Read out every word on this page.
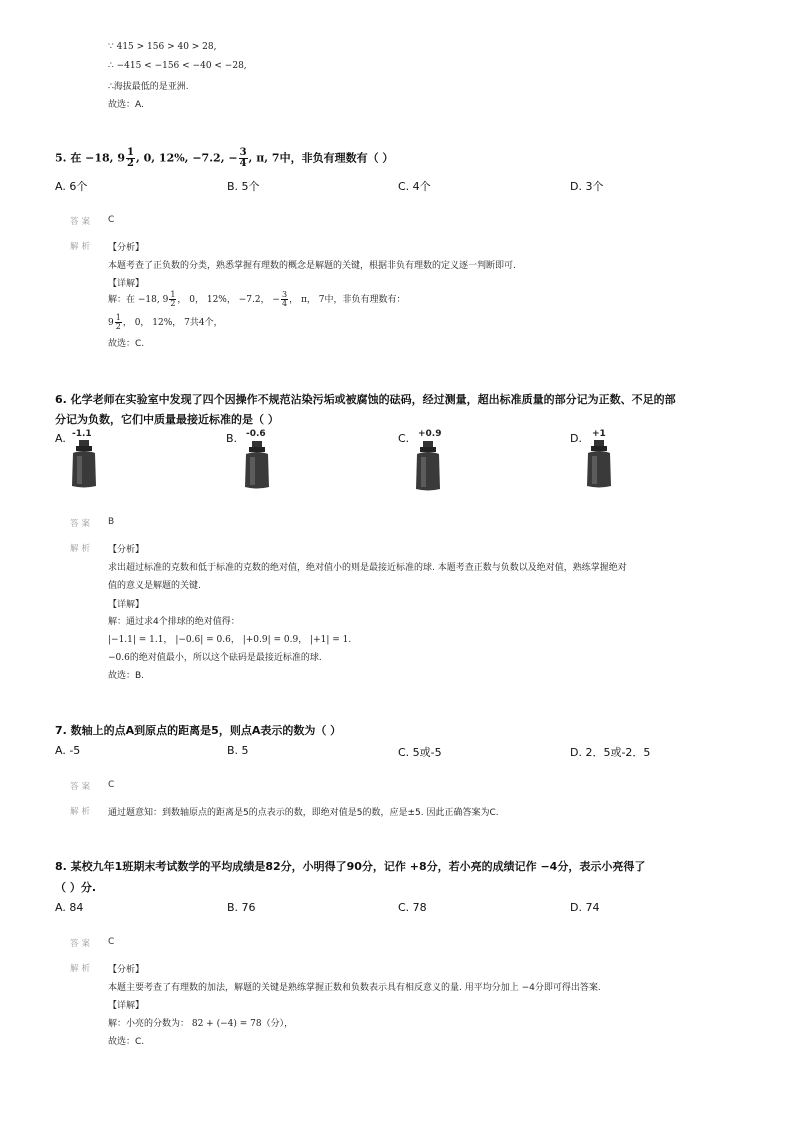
∵ 415 > 156 > 40 > 28,
∴ −415 < −156 < −40 < −28,
∴海拔最低的是亚洲.
故选：A.
5. 在 −18, $9 \frac{1}{2}$ , 0, 12%, −7.2, − $\frac{3}{4}$ , π, 7中，非负有理数有（ ）
A. 6个	B. 5个	C. 4个	D. 3个
答案 C
解析 【分析】
本题考查了正负数的分类，熟悉掌握有理数的概念是解题的关键，根据非负有理数的定义逐一判断即可.
【详解】
解：在 −18, $9 \frac{1}{2}$ ， 0， 12%， −7.2， − $\frac{3}{4}$ ， π， 7中，非负有理数有：
$9 \frac{1}{2}$ ， 0， 12%， 7共4个，
故选：C.
6. 化学老师在实验室中发现了四个因操作不规范沾染污垢或被腐蚀的砝码，经过测量，超出标准质量的部分记为正数、不足的部
分记为负数，它们中质量最接近标准的是（ ）
A. -1.1	B. -0.6	C. +0.9	D. +1
答案 B
解析 【分析】
求出超过标准的克数和低于标准的克数的绝对值，绝对值小的则是最接近标准的球. 本题考查正数与负数以及绝对值，熟练掌握绝对
值的意义是解题的关键.
【详解】
解：通过求4个排球的绝对值得：
|−1.1| = 1.1， |−0.6| = 0.6， |+0.9| = 0.9， |+1| = 1.
−0.6的绝对值最小，所以这个砝码是最接近标准的球.
故选：B.
7. 数轴上的点A到原点的距离是5，则点A表示的数为（ ）
A. -5	B. 5	C. 5或-5	D. 2．5或-2．5
答案 C
解析 通过题意知：到数轴原点的距离是5的点表示的数，即绝对值是5的数，应是±5. 因此正确答案为C.
8. 某校九年1班期末考试数学的平均成绩是82分，小明得了90分，记作 +8分，若小亮的成绩记作 −4分，表示小亮得了
（ ）分.
A. 84	B. 76	C. 78	D. 74
答案 C
解析 【分析】
本题主要考查了有理数的加法，解题的关键是熟练掌握正数和负数表示具有相反意义的量. 用平均分加上 −4分即可得出答案.
【详解】
解：小亮的分数为： 82 + (−4) = 78（分），
故选：C.
